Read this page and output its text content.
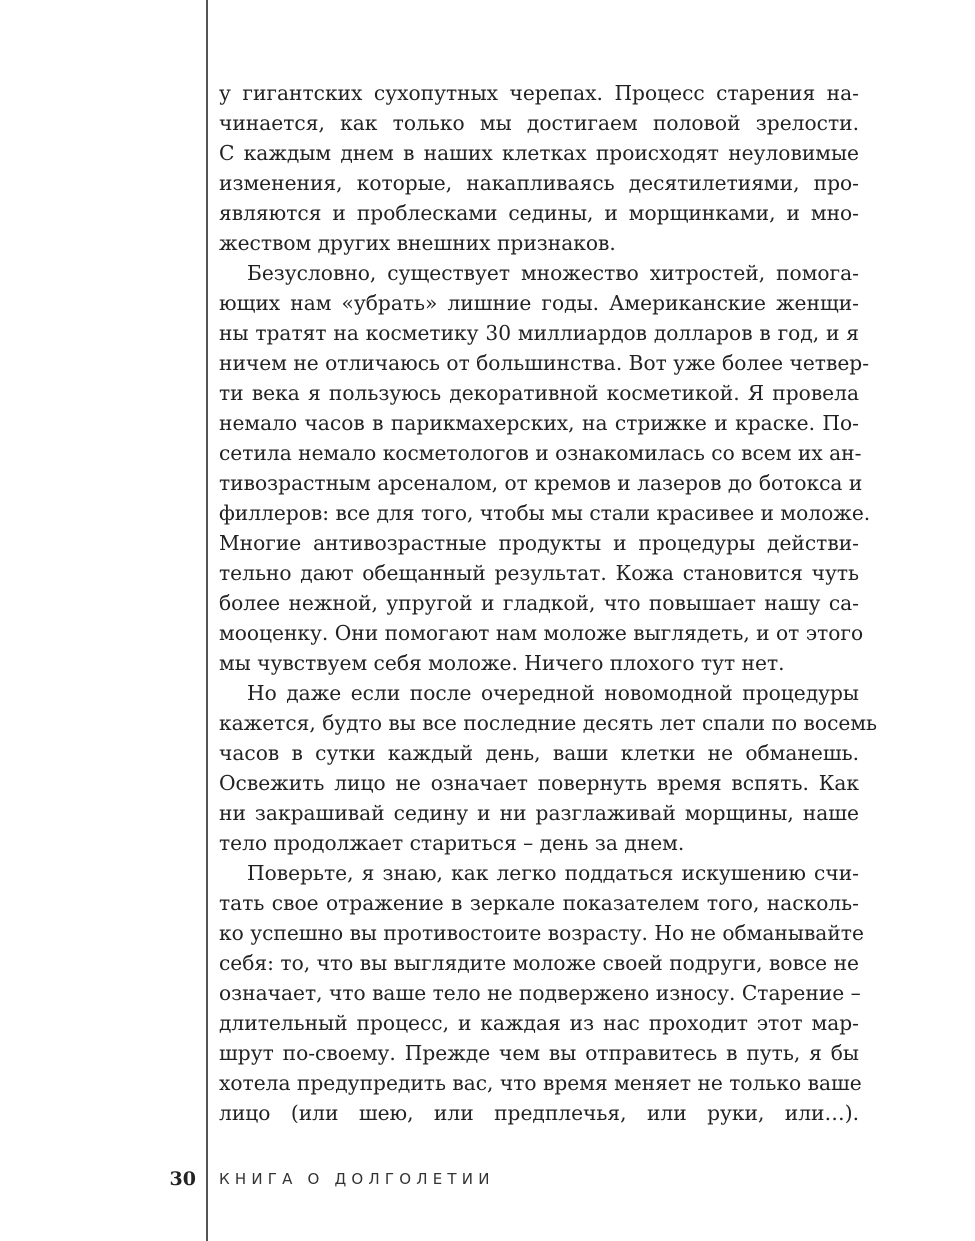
у гигантских сухопутных черепах. Процесс старения на-
чинается, как только мы достигаем половой зрелости.
С каждым днем в наших клетках происходят неуловимые
изменения, которые, накапливаясь десятилетиями, про-
являются и проблесками седины, и морщинками, и мно-
жеством других внешних признаков.
Безусловно, существует множество хитростей, помога-
ющих нам «убрать» лишние годы. Американские женщи-
ны тратят на косметику 30 миллиардов долларов в год, и я
ничем не отличаюсь от большинства. Вот уже более четвер-
ти века я пользуюсь декоративной косметикой. Я провела
немало часов в парикмахерских, на стрижке и краске. По-
сетила немало косметологов и ознакомилась со всем их ан-
тивозрастным арсеналом, от кремов и лазеров до ботокса и
филлеров: все для того, чтобы мы стали красивее и моложе.
Многие антивозрастные продукты и процедуры действи-
тельно дают обещанный результат. Кожа становится чуть
более нежной, упругой и гладкой, что повышает нашу са-
мооценку. Они помогают нам моложе выглядеть, и от этого
мы чувствуем себя моложе. Ничего плохого тут нет.
Но даже если после очередной новомодной процедуры
кажется, будто вы все последние десять лет спали по восемь
часов в сутки каждый день, ваши клетки не обманешь.
Освежить лицо не означает повернуть время вспять. Как
ни закрашивай седину и ни разглаживай морщины, наше
тело продолжает стариться – день за днем.
Поверьте, я знаю, как легко поддаться искушению счи-
тать свое отражение в зеркале показателем того, насколь-
ко успешно вы противостоите возрасту. Но не обманывайте
себя: то, что вы выглядите моложе своей подруги, вовсе не
означает, что ваше тело не подвержено износу. Старение –
длительный процесс, и каждая из нас проходит этот мар-
шрут по-своему. Прежде чем вы отправитесь в путь, я бы
хотела предупредить вас, что время меняет не только ваше
лицо (или шею, или предплечья, или руки, или…).
30 КНИГА О ДОЛГОЛЕТИИ
